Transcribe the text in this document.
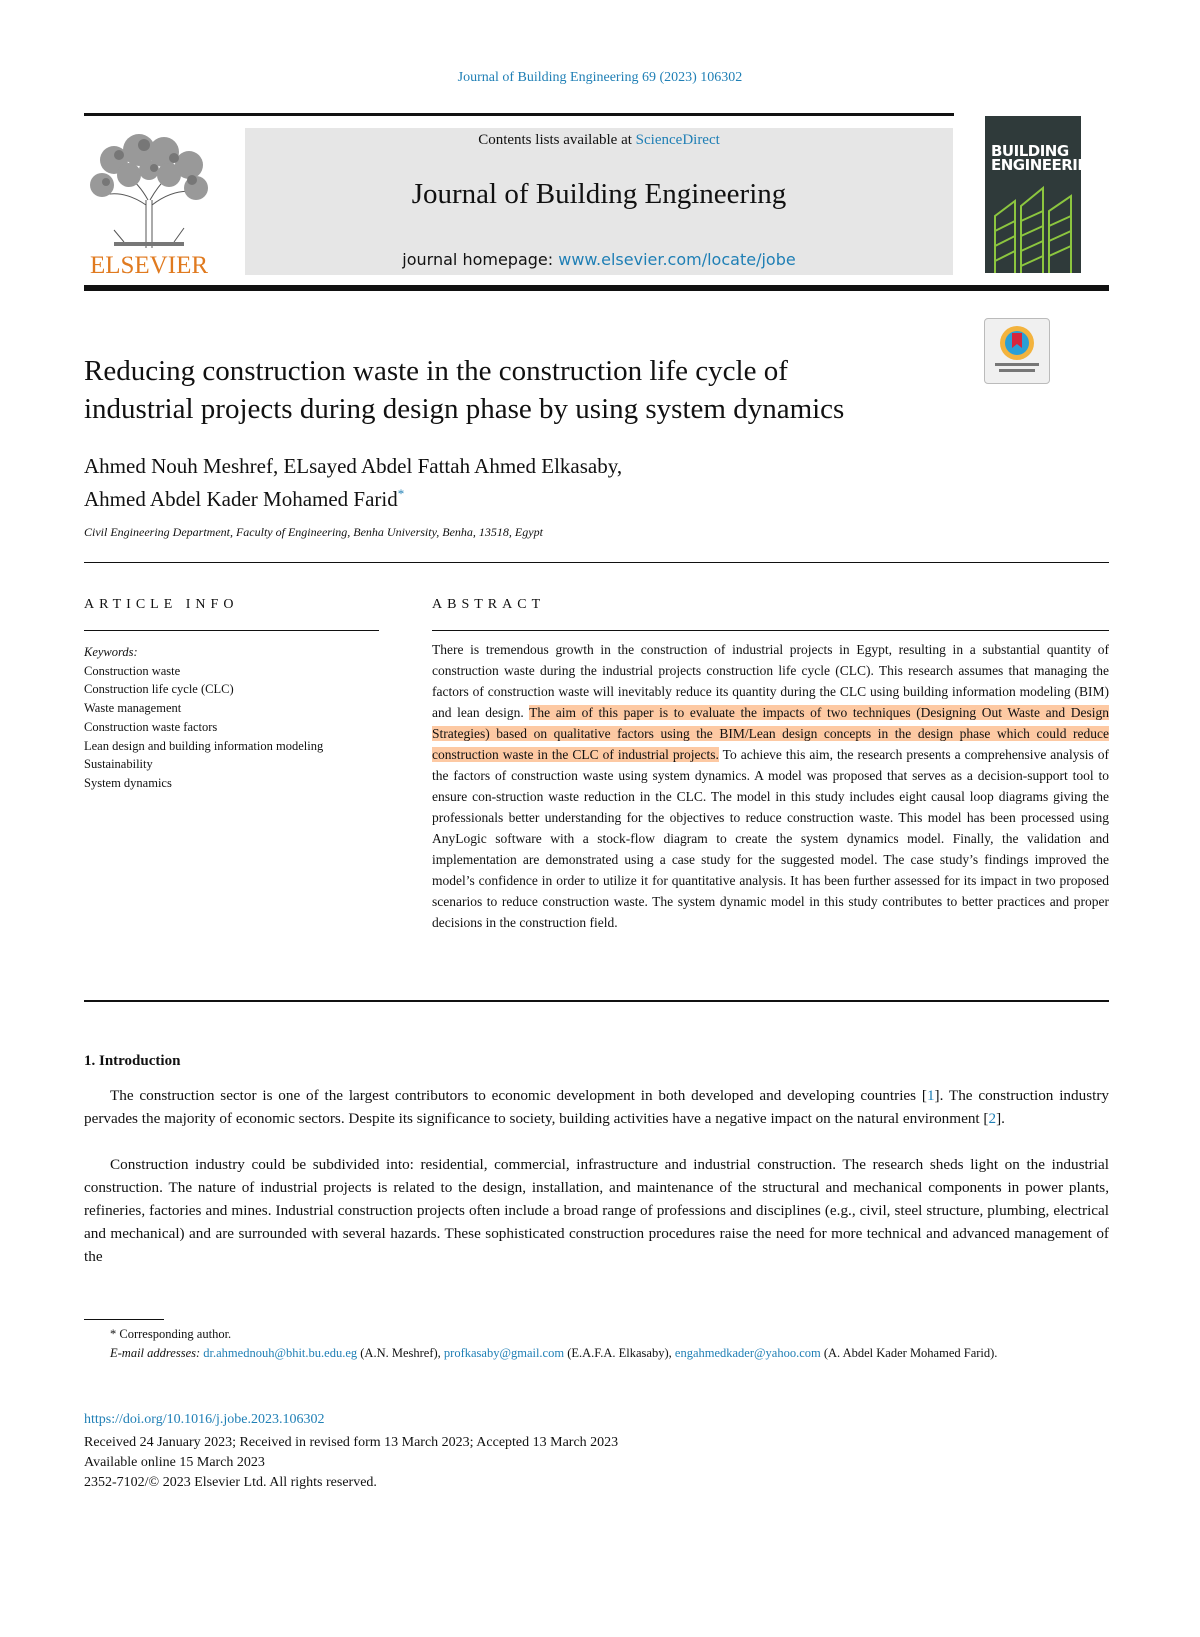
Journal of Building Engineering 69 (2023) 106302
ELSEVIER
Contents lists available at ScienceDirect
Journal of Building Engineering
journal homepage: www.elsevier.com/locate/jobe
BUILDING
ENGINEERING
Reducing construction waste in the construction life cycle of
industrial projects during design phase by using system dynamics
Ahmed Nouh Meshref, ELsayed Abdel Fattah Ahmed Elkasaby,
Ahmed Abdel Kader Mohamed Farid*
Civil Engineering Department, Faculty of Engineering, Benha University, Benha, 13518, Egypt
ARTICLE INFO	ABSTRACT
Keywords:
Construction waste
Construction life cycle (CLC)
Waste management
Construction waste factors
Lean design and building information modeling
Sustainability
System dynamics
There is tremendous growth in the construction of industrial projects in Egypt, resulting in a substantial quantity of construction waste during the industrial projects construction life cycle (CLC). This research assumes that managing the factors of construction waste will inevitably reduce its quantity during the CLC using building information modeling (BIM) and lean design. The aim of this paper is to evaluate the impacts of two techniques (Designing Out Waste and Design Strategies) based on qualitative factors using the BIM/Lean design concepts in the design phase which could reduce construction waste in the CLC of industrial projects. To achieve this aim, the research presents a comprehensive analysis of the factors of construction waste using system dynamics. A model was proposed that serves as a decision-support tool to ensure con-struction waste reduction in the CLC. The model in this study includes eight causal loop diagrams giving the professionals better understanding for the objectives to reduce construction waste. This model has been processed using AnyLogic software with a stock-flow diagram to create the system dynamics model. Finally, the validation and implementation are demonstrated using a case study for the suggested model. The case study’s findings improved the model’s confidence in order to utilize it for quantitative analysis. It has been further assessed for its impact in two proposed scenarios to reduce construction waste. The system dynamic model in this study contributes to better practices and proper decisions in the construction field.
1. Introduction
The construction sector is one of the largest contributors to economic development in both developed and developing countries [1]. The construction industry pervades the majority of economic sectors. Despite its significance to society, building activities have a negative impact on the natural environment [2].
Construction industry could be subdivided into: residential, commercial, infrastructure and industrial construction. The research sheds light on the industrial construction. The nature of industrial projects is related to the design, installation, and maintenance of the structural and mechanical components in power plants, refineries, factories and mines. Industrial construction projects often include a broad range of professions and disciplines (e.g., civil, steel structure, plumbing, electrical and mechanical) and are surrounded with several hazards. These sophisticated construction procedures raise the need for more technical and advanced management of the
* Corresponding author.
E-mail addresses: dr.ahmednouh@bhit.bu.edu.eg (A.N. Meshref), profkasaby@gmail.com (E.A.F.A. Elkasaby), engahmedkader@yahoo.com (A. Abdel Kader Mohamed Farid).
https://doi.org/10.1016/j.jobe.2023.106302
Received 24 January 2023; Received in revised form 13 March 2023; Accepted 13 March 2023
Available online 15 March 2023
2352-7102/© 2023 Elsevier Ltd. All rights reserved.
